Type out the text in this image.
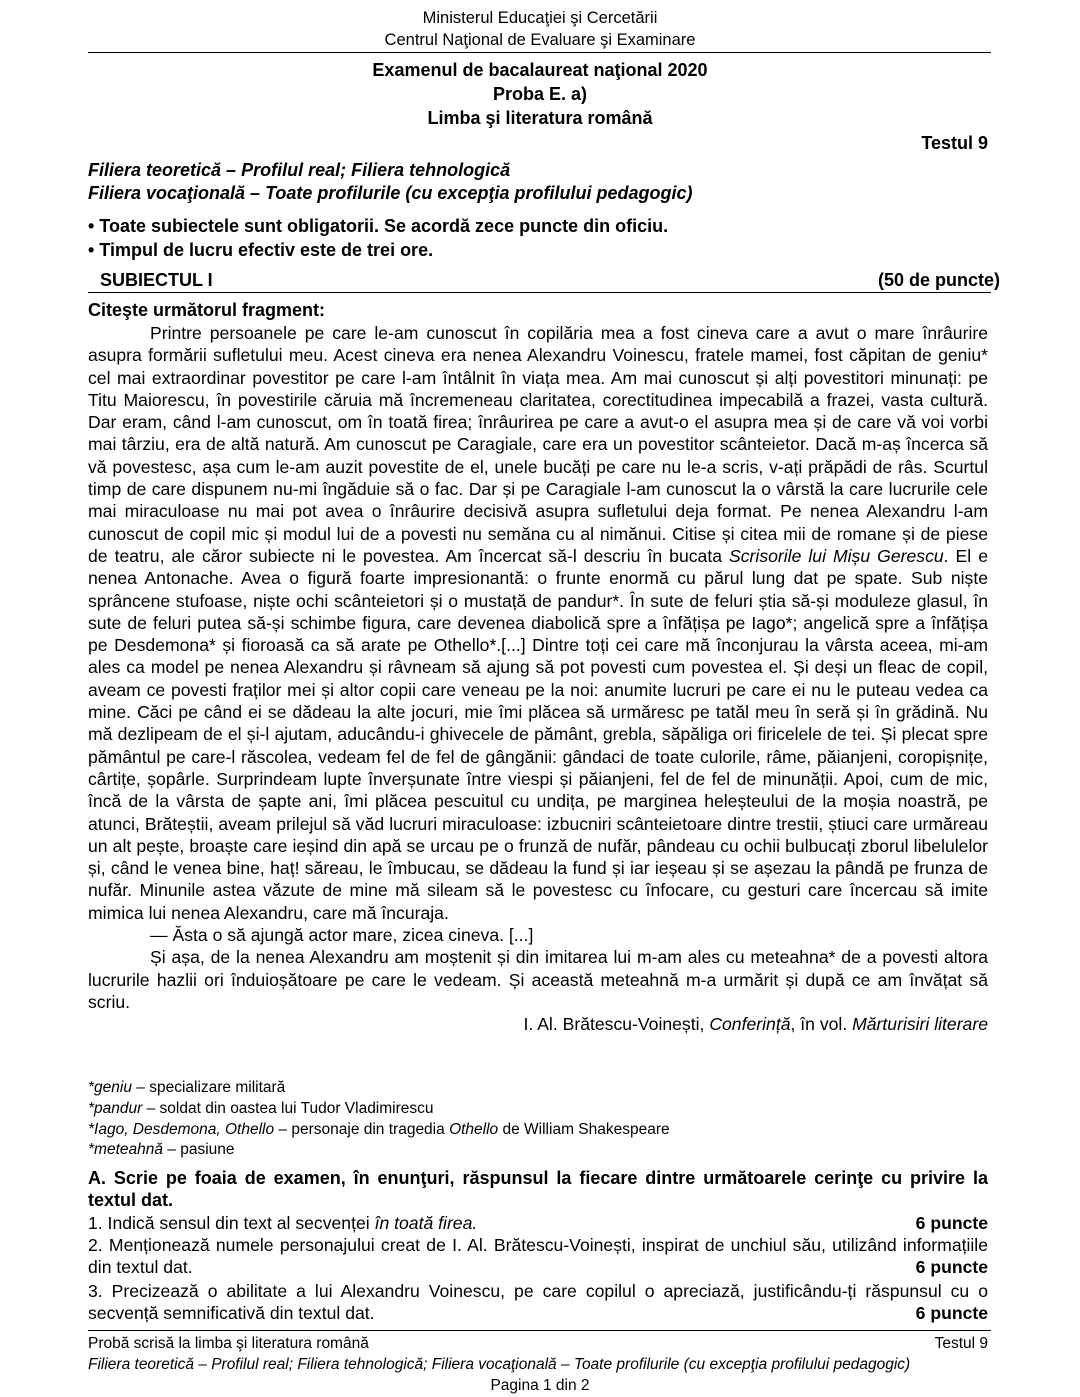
Ministerul Educaţiei şi Cercetării
Centrul Naţional de Evaluare şi Examinare
Examenul de bacalaureat naţional 2020
Proba E. a)
Limba şi literatura română
Testul 9
Filiera teoretică – Profilul real; Filiera tehnologică
Filiera vocaţională – Toate profilurile (cu excepţia profilului pedagogic)
• Toate subiectele sunt obligatorii. Se acordă zece puncte din oficiu.
• Timpul de lucru efectiv este de trei ore.
SUBIECTUL I	(50 de puncte)
Citeşte următorul fragment:

Printre persoanele pe care le-am cunoscut în copilăria mea a fost cineva care a avut o mare înrâurire asupra formării sufletului meu. Acest cineva era nenea Alexandru Voinescu, fratele mamei, fost căpitan de geniu* cel mai extraordinar povestitor pe care l-am întâlnit în viața mea. Am mai cunoscut și alți povestitori minunați: pe Titu Maiorescu, în povestirile căruia mă încremeneau claritatea, corectitudinea impecabilă a frazei, vasta cultură. Dar eram, când l-am cunoscut, om în toată firea; înrâurirea pe care a avut-o el asupra mea și de care vă voi vorbi mai târziu, era de altă natură. Am cunoscut pe Caragiale, care era un povestitor scânteietor. Dacă m-aș încerca să vă povestesc, așa cum le-am auzit povestite de el, unele bucăți pe care nu le-a scris, v-ați prăpădi de râs. Scurtul timp de care dispunem nu-mi îngăduie să o fac. Dar și pe Caragiale l-am cunoscut la o vârstă la care lucrurile cele mai miraculoase nu mai pot avea o înrâurire decisivă asupra sufletului deja format. Pe nenea Alexandru l-am cunoscut de copil mic și modul lui de a povesti nu semăna cu al nimănui. Citise și citea mii de romane și de piese de teatru, ale căror subiecte ni le povestea. Am încercat să-l descriu în bucata Scrisorile lui Mișu Gerescu. El e nenea Antonache. Avea o figură foarte impresionantă: o frunte enormă cu părul lung dat pe spate. Sub niște sprâncene stufoase, niște ochi scânteietori și o mustață de pandur*. În sute de feluri știa să-și moduleze glasul, în sute de feluri putea să-și schimbe figura, care devenea diabolică spre a înfățișa pe Iago*; angelică spre a înfățișa pe Desdemona* și fioroasă ca să arate pe Othello*.[...] Dintre toți cei care mă înconjurau la vârsta aceea, mi-am ales ca model pe nenea Alexandru și râvneam să ajung să pot povesti cum povestea el. Și deși un fleac de copil, aveam ce povesti fraților mei și altor copii care veneau pe la noi: anumite lucruri pe care ei nu le puteau vedea ca mine. Căci pe când ei se dădeau la alte jocuri, mie îmi plăcea să urmăresc pe tatăl meu în seră și în grădină. Nu mă dezlipeam de el și-l ajutam, aducându-i ghivecele de pământ, grebla, săpăliga ori firicelele de tei. Și plecat spre pământul pe care-l răscolea, vedeam fel de fel de gângănii: gândaci de toate culorile, râme, păianjeni, coropișnițe, cârtițe, șopârle. Surprindeam lupte înverșunate între viespi și păianjeni, fel de fel de minunății. Apoi, cum de mic, încă de la vârsta de șapte ani, îmi plăcea pescuitul cu undița, pe marginea heleșteului de la moșia noastră, pe atunci, Brăteștii, aveam prilejul să văd lucruri miraculoase: izbucniri scânteietoare dintre trestii, știuci care urmăreau un alt pește, broaște care ieșind din apă se urcau pe o frunză de nufăr, pândeau cu ochii bulbucați zborul libelulelor și, când le venea bine, haț! săreau, le îmbucau, se dădeau la fund și iar ieșeau și se așezau la pândă pe frunza de nufăr. Minunile astea văzute de mine mă sileam să le povestesc cu înfocare, cu gesturi care încercau să imite mimica lui nenea Alexandru, care mă încuraja.

— Ăsta o să ajungă actor mare, zicea cineva. [...]

Și așa, de la nenea Alexandru am moștenit și din imitarea lui m-am ales cu meteahna* de a povesti altora lucrurile hazlii ori înduioșătoare pe care le vedeam. Și această meteahnă m-a urmărit și după ce am învățat să scriu.

I. Al. Brătescu-Voinești, Conferință, în vol. Mărturisiri literare

*geniu – specializare militară
*pandur – soldat din oastea lui Tudor Vladimirescu
*Iago, Desdemona, Othello – personaje din tragedia Othello de William Shakespeare
*meteahnă – pasiune
A. Scrie pe foaia de examen, în enunţuri, răspunsul la fiecare dintre următoarele cerinţe cu privire la textul dat.
1. Indică sensul din text al secvenței în toată firea.	6 puncte
2. Menționează numele personajului creat de I. Al. Brătescu-Voinești, inspirat de unchiul său, utilizând informațiile din textul dat.	6 puncte
3. Precizează o abilitate a lui Alexandru Voinescu, pe care copilul o apreciază, justificându-ți răspunsul cu o secvență semnificativă din textul dat.	6 puncte
Probă scrisă la limba şi literatura română	Testul 9
Filiera teoretică – Profilul real; Filiera tehnologică; Filiera vocaţională – Toate profilurile (cu excepţia profilului pedagogic)
Pagina 1 din 2
